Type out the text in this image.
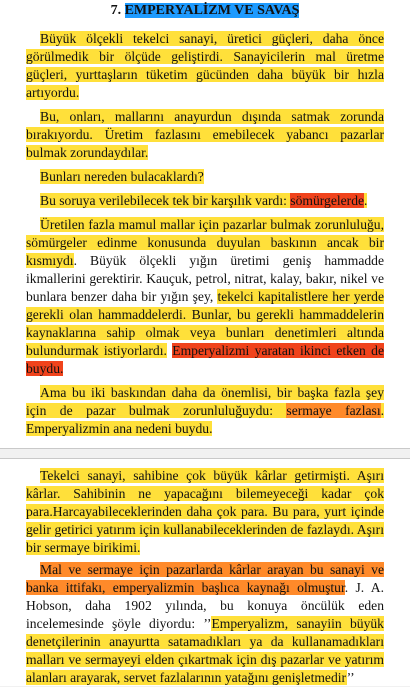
7. EMPERYALİZM VE SAVAŞ

Büyük ölçekli tekelci sanayi, üretici güçleri, daha önce görülmedik bir ölçüde geliştirdi. Sanayicilerin mal üretme güçleri, yurttaşların tüketim gücünden daha büyük bir hızla artıyordu.

Bu, onları, mallarını anayurdun dışında satmak zorunda bırakıyordu. Üretim fazlasını emebilecek yabancı pazarlar bulmak zorundaydılar.

Bunları nereden bulacaklardı?

Bu soruya verilebilecek tek bir karşılık vardı: sömürgelerde.

Üretilen fazla mamul mallar için pazarlar bulmak zorunluluğu, sömürgeler edinme konusunda duyulan baskının ancak bir kısmıydı. Büyük ölçekli yığın üretimi geniş hammadde ikmallerini gerektirir. Kauçuk, petrol, nitrat, kalay, bakır, nikel ve bunlara benzer daha bir yığın şey, tekelci kapitalistlere her yerde gerekli olan hammaddelerdi. Bunlar, bu gerekli hammaddelerin kaynaklarına sahip olmak veya bunları denetimleri altında bulundurmak istiyorlardı. Emperyalizmi yaratan ikinci etken de buydu.

Ama bu iki baskından daha da önemlisi, bir başka fazla şey için de pazar bulmak zorunluluğuydu: sermaye fazlası. Emperyalizmin ana nedeni buydu.

Tekelci sanayi, sahibine çok büyük kârlar getirmişti. Aşırı kârlar. Sahibinin ne yapacağını bilemeyeceği kadar çok para.Harcayabileceklerinden daha çok para. Bu para, yurt içinde gelir getirici yatırım için kullanabileceklerinden de fazlaydı. Aşırı bir sermaye birikimi.

Mal ve sermaye için pazarlarda kârlar arayan bu sanayi ve banka ittifakı, emperyalizmin başlıca kaynağı olmuştur. J. A. Hobson, daha 1902 yılında, bu konuya öncülük eden incelemesinde şöyle diyordu: ’’Emperyalizm, sanayiin büyük denetçilerinin anayurtta satamadıkları ya da kullanamadıkları malları ve sermayeyi elden çıkartmak için dış pazarlar ve yatırım alanları arayarak, servet fazlalarının yatağını genişletmedir’’
